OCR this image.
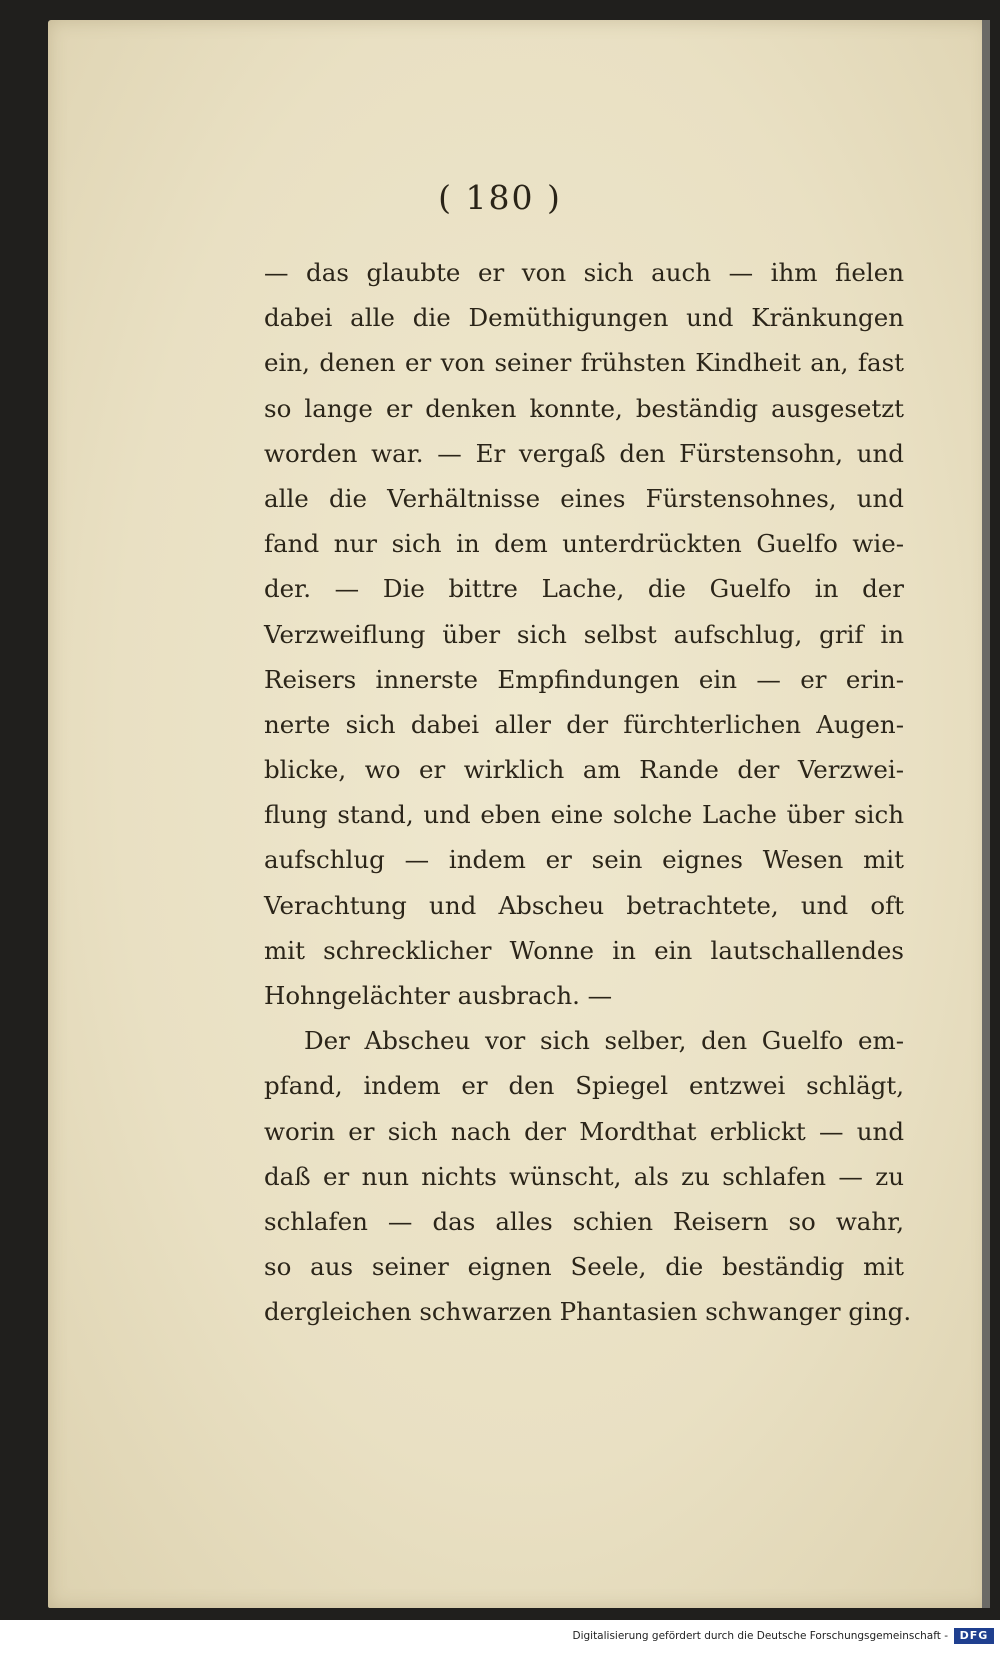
( 180 )
— das glaubte er von sich auch — ihm fielen
dabei alle die Demüthigungen und Kränkungen
ein, denen er von seiner frühsten Kindheit an, fast
so lange er denken konnte, beständig ausgesetzt
worden war. — Er vergaß den Fürstensohn, und
alle die Verhältnisse eines Fürstensohnes, und
fand nur sich in dem unterdrückten Guelfo wie-
der. — Die bittre Lache, die Guelfo in der
Verzweiflung über sich selbst aufschlug, grif in
Reisers innerste Empfindungen ein — er erin-
nerte sich dabei aller der fürchterlichen Augen-
blicke, wo er wirklich am Rande der Verzwei-
flung stand, und eben eine solche Lache über sich
aufschlug — indem er sein eignes Wesen mit
Verachtung und Abscheu betrachtete, und oft
mit schrecklicher Wonne in ein lautschallendes
Hohngelächter ausbrach. —
Der Abscheu vor sich selber, den Guelfo em-
pfand, indem er den Spiegel entzwei schlägt,
worin er sich nach der Mordthat erblickt — und
daß er nun nichts wünscht, als zu schlafen — zu
schlafen — das alles schien Reisern so wahr,
so aus seiner eignen Seele, die beständig mit
dergleichen schwarzen Phantasien schwanger ging.
Digitalisierung gefördert durch die Deutsche Forschungsgemeinschaft -	DFG
